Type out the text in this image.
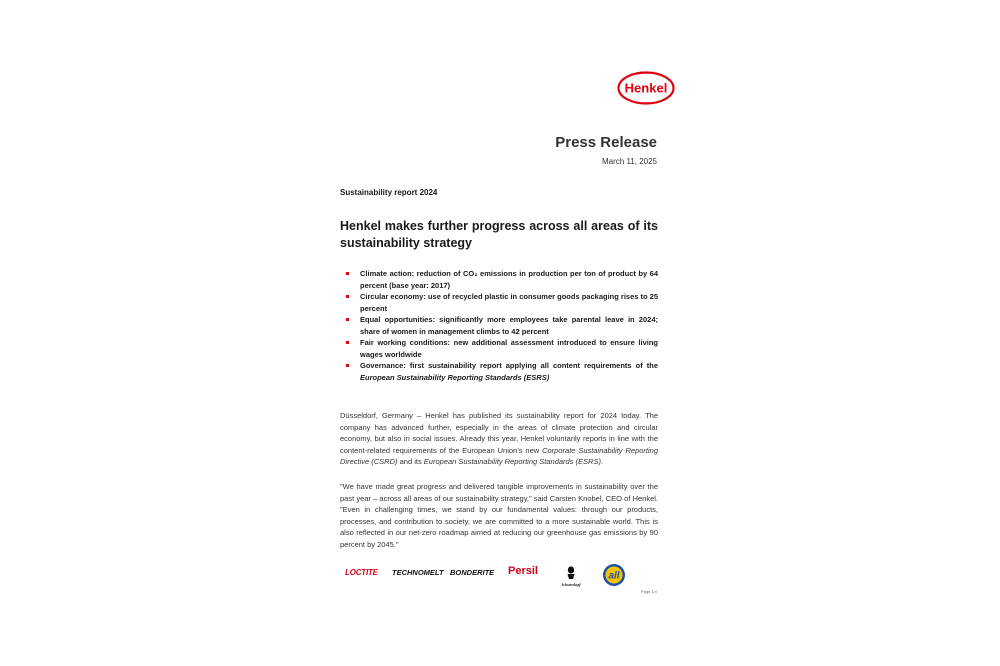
Henkel
Press Release
March 11, 2025
Sustainability report 2024
Henkel makes further progress across all areas of its sustainability strategy
Climate action: reduction of CO₂ emissions in production per ton of product by 64 percent (base year: 2017)
Circular economy: use of recycled plastic in consumer goods packaging rises to 25 percent
Equal opportunities: significantly more employees take parental leave in 2024; share of women in management climbs to 42 percent
Fair working conditions: new additional assessment introduced to ensure living wages worldwide
Governance: first sustainability report applying all content requirements of the European Sustainability Reporting Standards (ESRS)

Düsseldorf, Germany – Henkel has published its sustainability report for 2024 today. The company has advanced further, especially in the areas of climate protection and circular economy, but also in social issues. Already this year, Henkel voluntarily reports in line with the content-related requirements of the European Union’s new Corporate Sustainability Reporting Directive (CSRD) and its European Sustainability Reporting Standards (ESRS).

"We have made great progress and delivered tangible improvements in sustainability over the past year – across all areas of our sustainability strategy," said Carsten Knobel, CEO of Henkel. "Even in challenging times, we stand by our fundamental values: through our products, processes, and contribution to society, we are committed to a more sustainable world. This is also reflected in our net-zero roadmap aimed at reducing our greenhouse gas emissions by 90 percent by 2045."

LOCTITE TECHNOMELT BONDERITE Persil
Schwarzkopf
all
Page 1/4
